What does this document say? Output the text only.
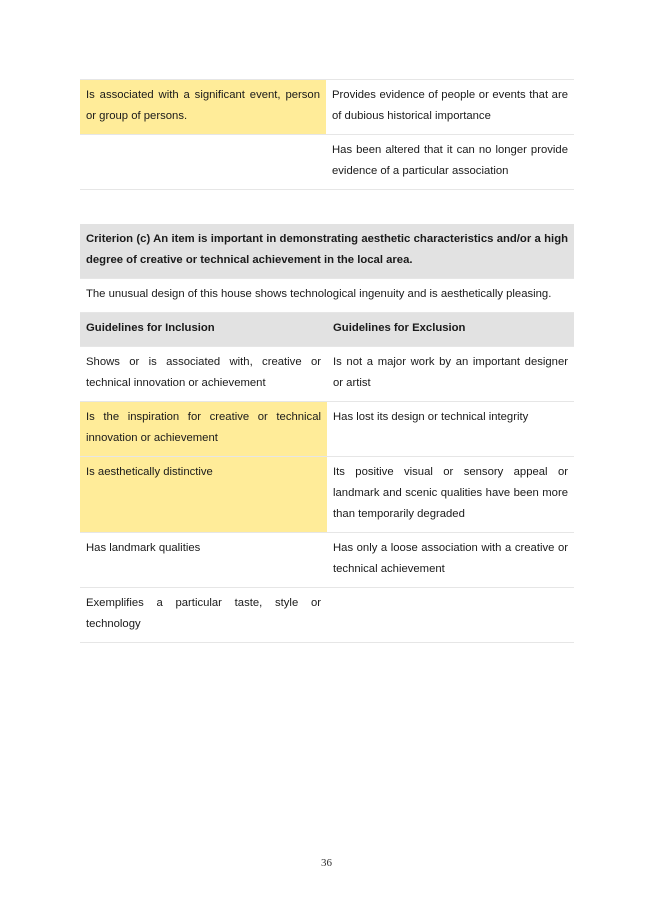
Is associated with a significant event, person or group of persons.	Provides evidence of people or events that are of dubious historical importance
	Has been altered that it can no longer provide evidence of a particular association
Criterion (c) An item is important in demonstrating aesthetic characteristics and/or a high degree of creative or technical achievement in the local area.	
The unusual design of this house shows technological ingenuity and is aesthetically pleasing.	
Guidelines for Inclusion	Guidelines for Exclusion
Shows or is associated with, creative or technical innovation or achievement	Is not a major work by an important designer or artist
Is the inspiration for creative or technical innovation or achievement	Has lost its design or technical integrity
Is aesthetically distinctive	Its positive visual or sensory appeal or landmark and scenic qualities have been more than temporarily degraded
Has landmark qualities	Has only a loose association with a creative or technical achievement
Exemplifies a particular taste, style or technology	
36
